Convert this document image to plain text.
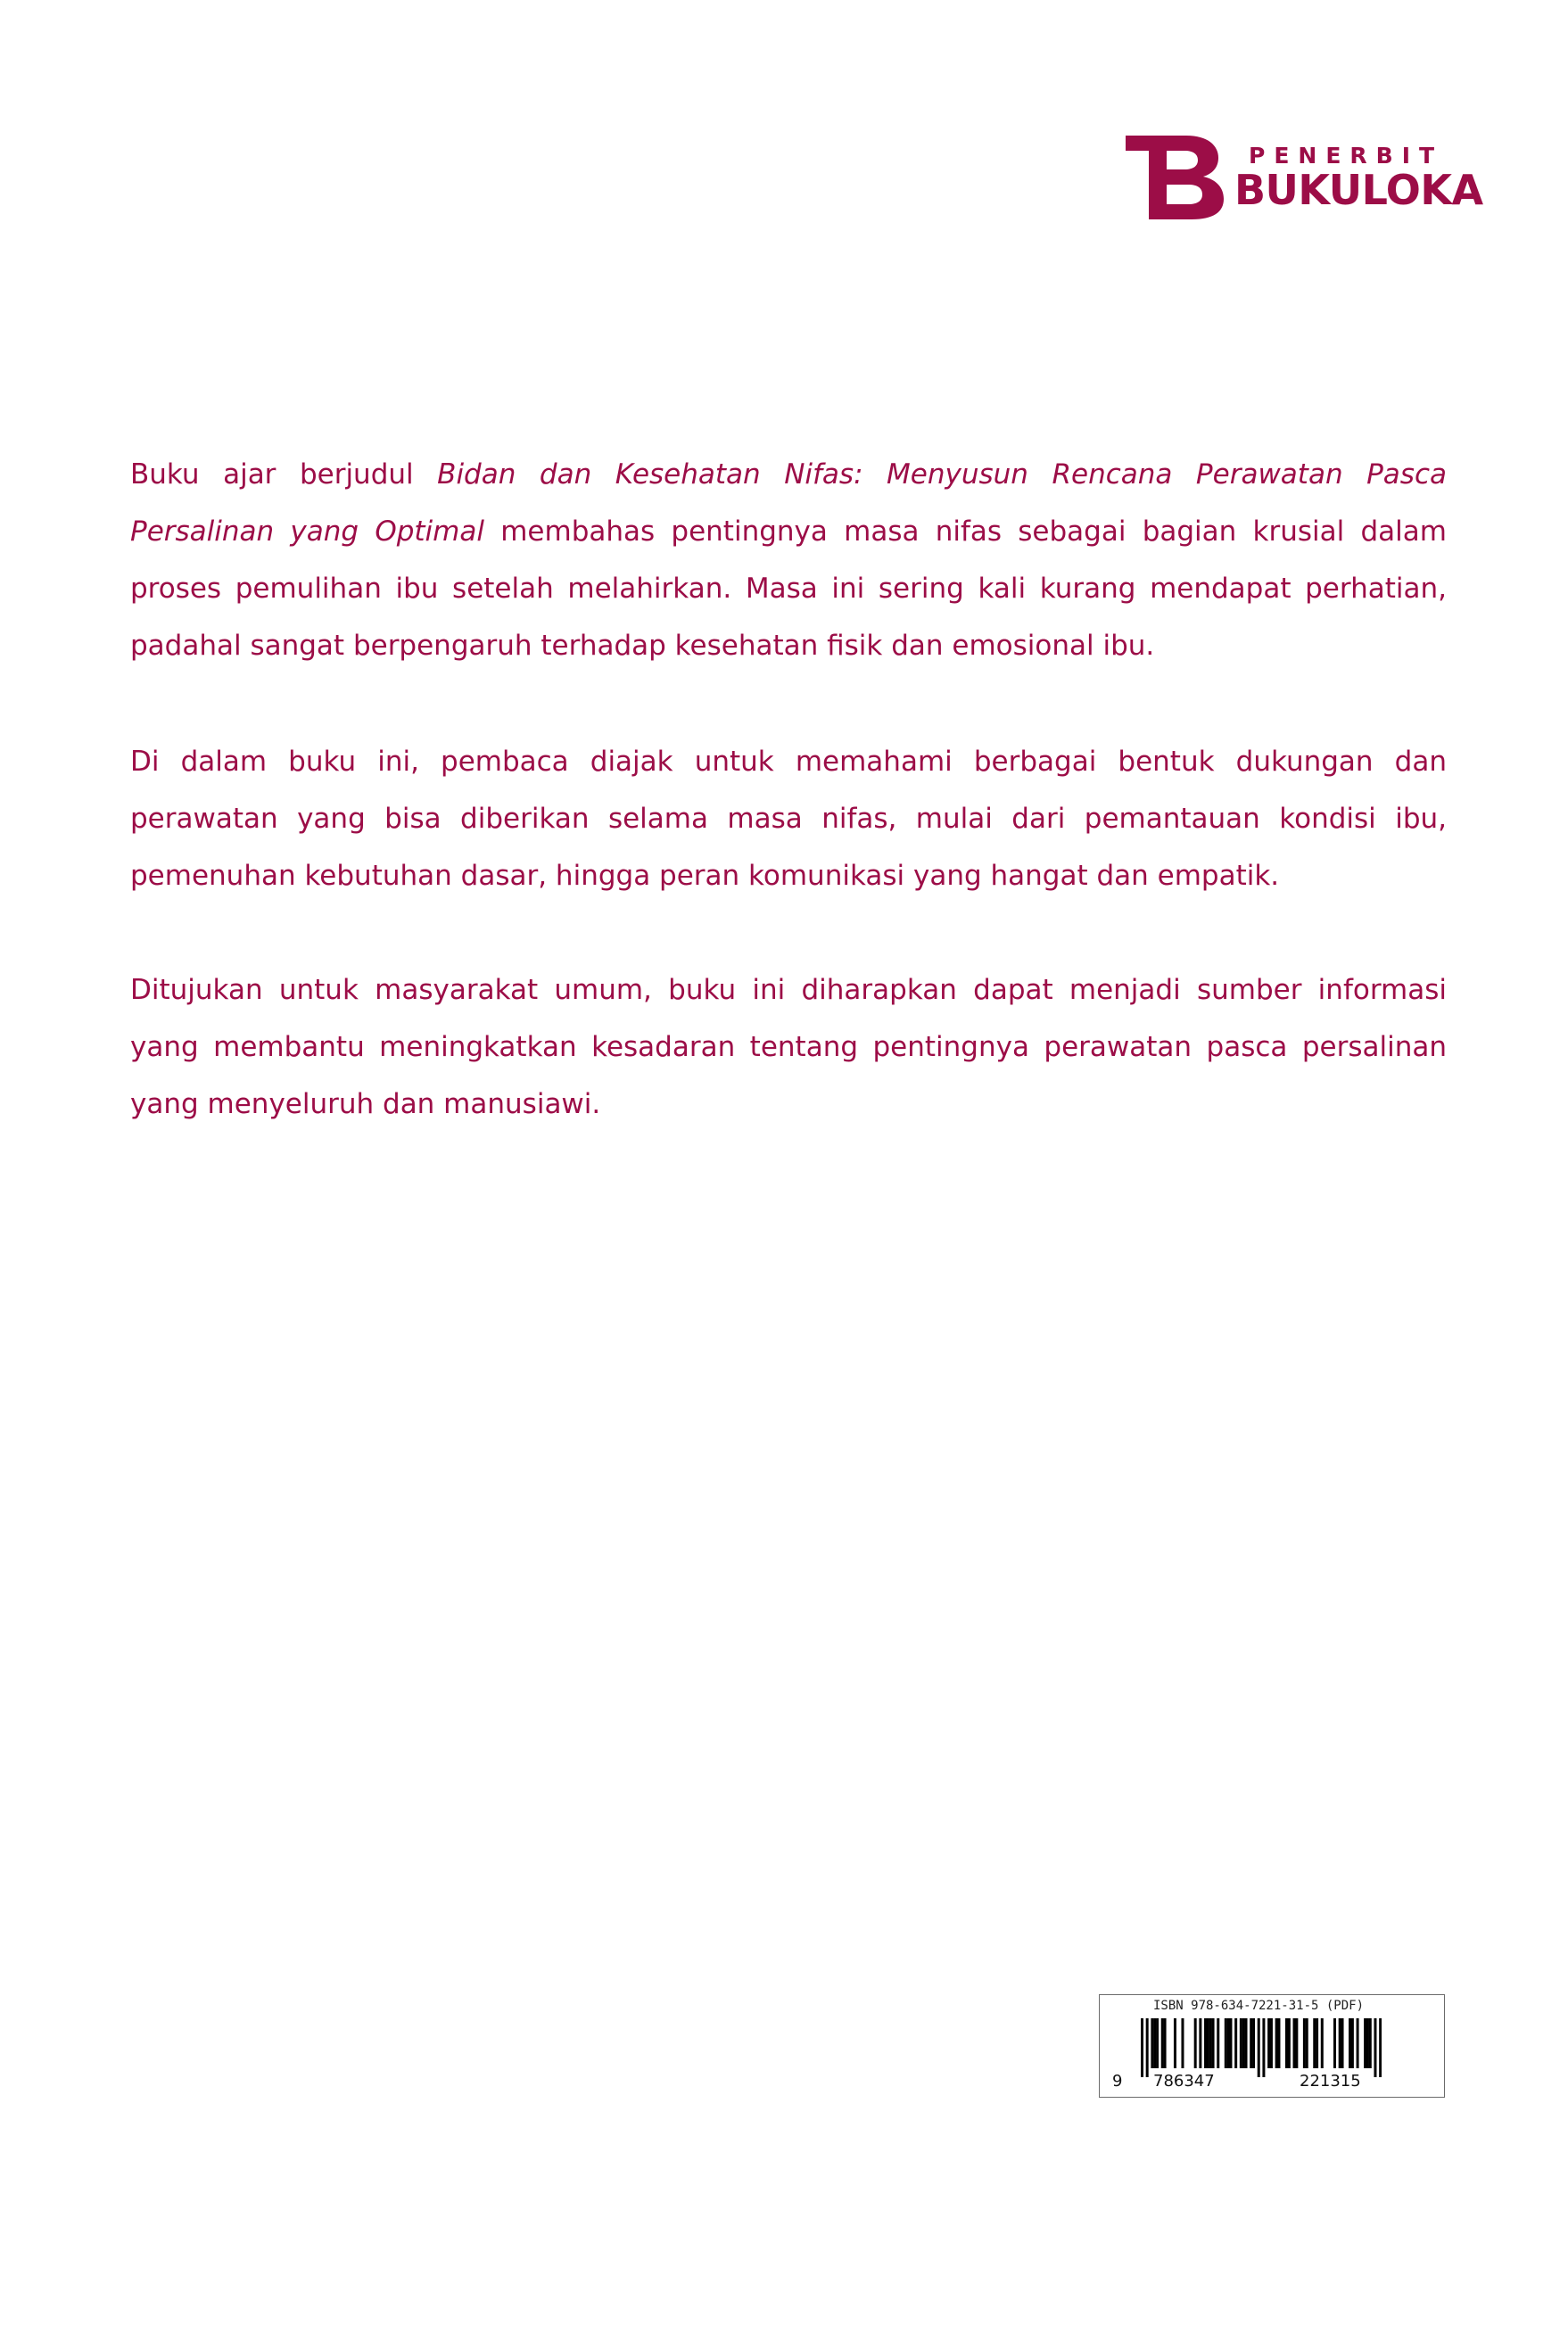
PENERBIT
BUKULOKA

Buku ajar berjudul Bidan dan Kesehatan Nifas: Menyusun Rencana Perawatan Pasca Persalinan yang Optimal membahas pentingnya masa nifas sebagai bagian krusial dalam proses pemulihan ibu setelah melahirkan. Masa ini sering kali kurang mendapat perhatian, padahal sangat berpengaruh terhadap kesehatan fisik dan emosional ibu.

Di dalam buku ini, pembaca diajak untuk memahami berbagai bentuk dukungan dan perawatan yang bisa diberikan selama masa nifas, mulai dari pemantauan kondisi ibu, pemenuhan kebutuhan dasar, hingga peran komunikasi yang hangat dan empatik.

Ditujukan untuk masyarakat umum, buku ini diharapkan dapat menjadi sumber informasi yang membantu meningkatkan kesadaran tentang pentingnya perawatan pasca persalinan yang menyeluruh dan manusiawi.

ISBN 978-634-7221-31-5 (PDF)
9 786347	221315
